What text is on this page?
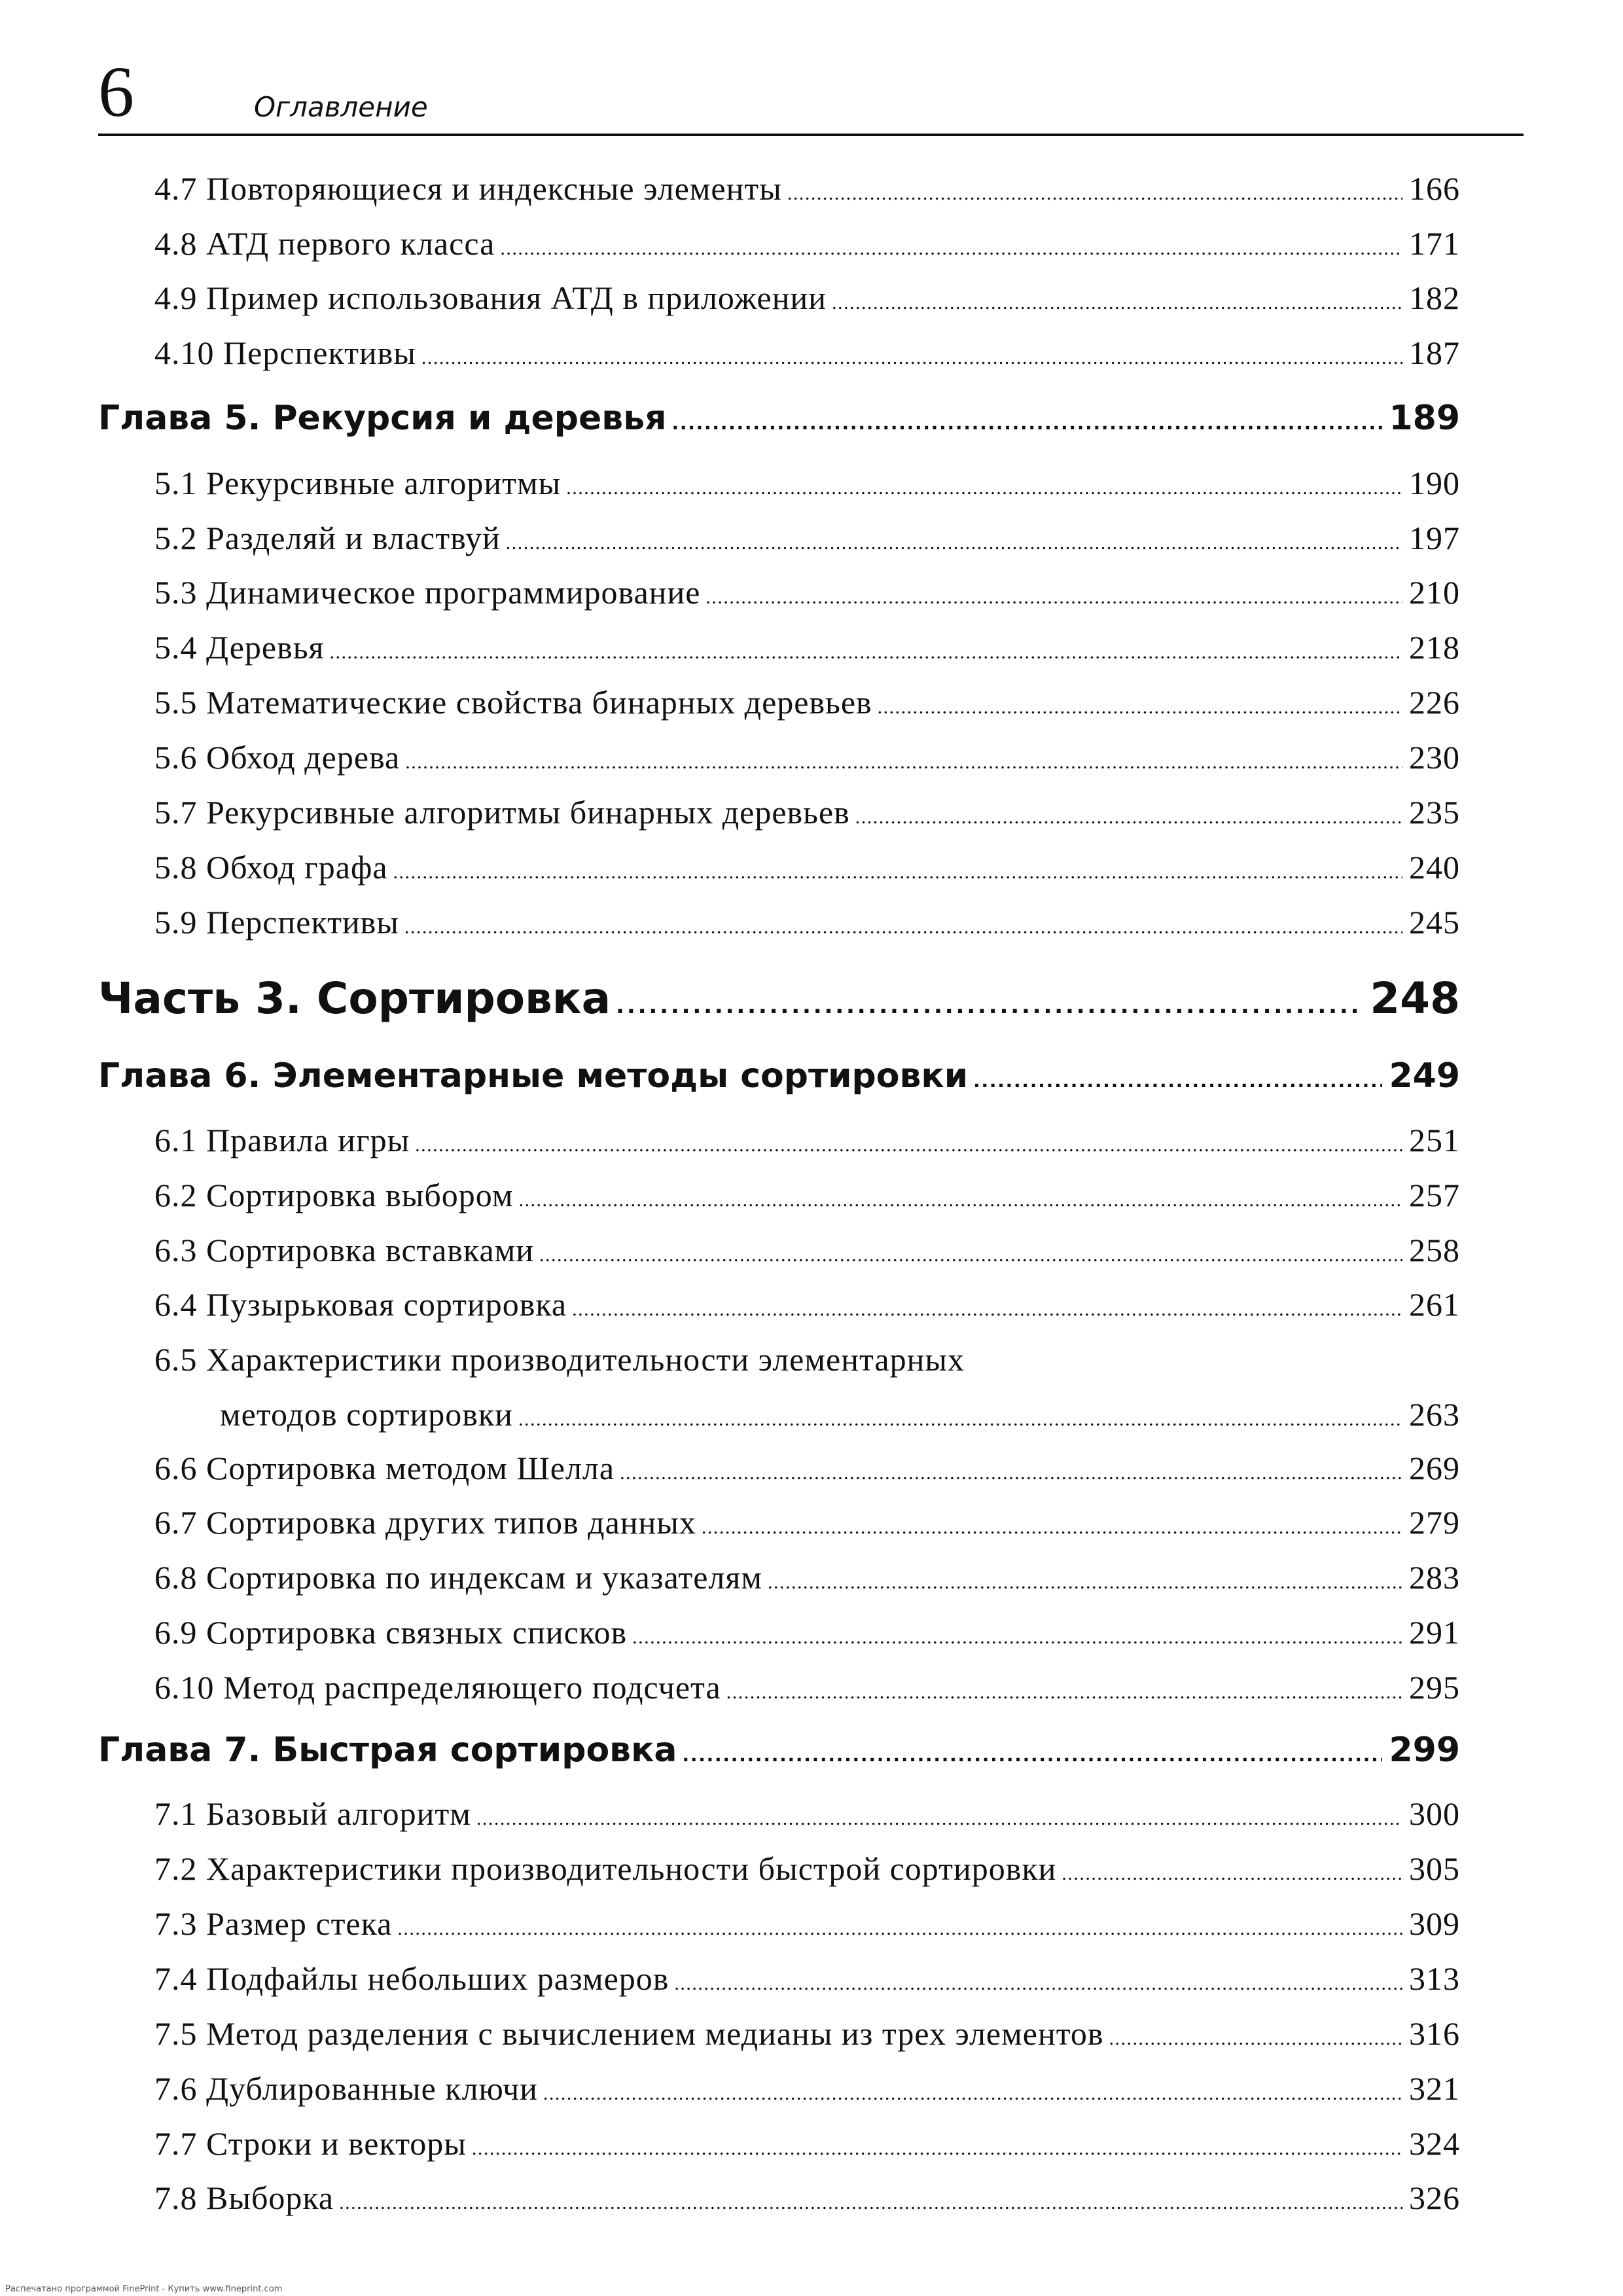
6	Оглавление
4.7 Повторяющиеся и индексные элементы . . .	166
4.8 АТД первого класса . . .	171
4.9 Пример использования АТД в приложении . . .	182
4.10 Перспективы . . .	187
Глава 5. Рекурсия и деревья . . .	189
5.1 Рекурсивные алгоритмы . . .	190
5.2 Разделяй и властвуй . . .	197
5.3 Динамическое программирование . . .	210
5.4 Деревья . . .	218
5.5 Математические свойства бинарных деревьев . . .	226
5.6 Обход дерева . . .	230
5.7 Рекурсивные алгоритмы бинарных деревьев . . .	235
5.8 Обход графа . . .	240
5.9 Перспективы . . .	245
Часть 3. Сортировка . . .	248
Глава 6. Элементарные методы сортировки . . .	249
6.1 Правила игры . . .	251
6.2 Сортировка выбором . . .	257
6.3 Сортировка вставками . . .	258
6.4 Пузырьковая сортировка . . .	261
6.5 Характеристики производительности элементарных
методов сортировки . . .	263
6.6 Сортировка методом Шелла . . .	269
6.7 Сортировка других типов данных . . .	279
6.8 Сортировка по индексам и указателям . . .	283
6.9 Сортировка связных списков . . .	291
6.10 Метод распределяющего подсчета . . .	295
Глава 7. Быстрая сортировка . . .	299
7.1 Базовый алгоритм . . .	300
7.2 Характеристики производительности быстрой сортировки . . .	305
7.3 Размер стека . . .	309
7.4 Подфайлы небольших размеров . . .	313
7.5 Метод разделения с вычислением медианы из трех элементов . . .	316
7.6 Дублированные ключи . . .	321
7.7 Строки и векторы . . .	324
7.8 Выборка . . .	326
Распечатано программой FinePrint - Купить www.fineprint.com
